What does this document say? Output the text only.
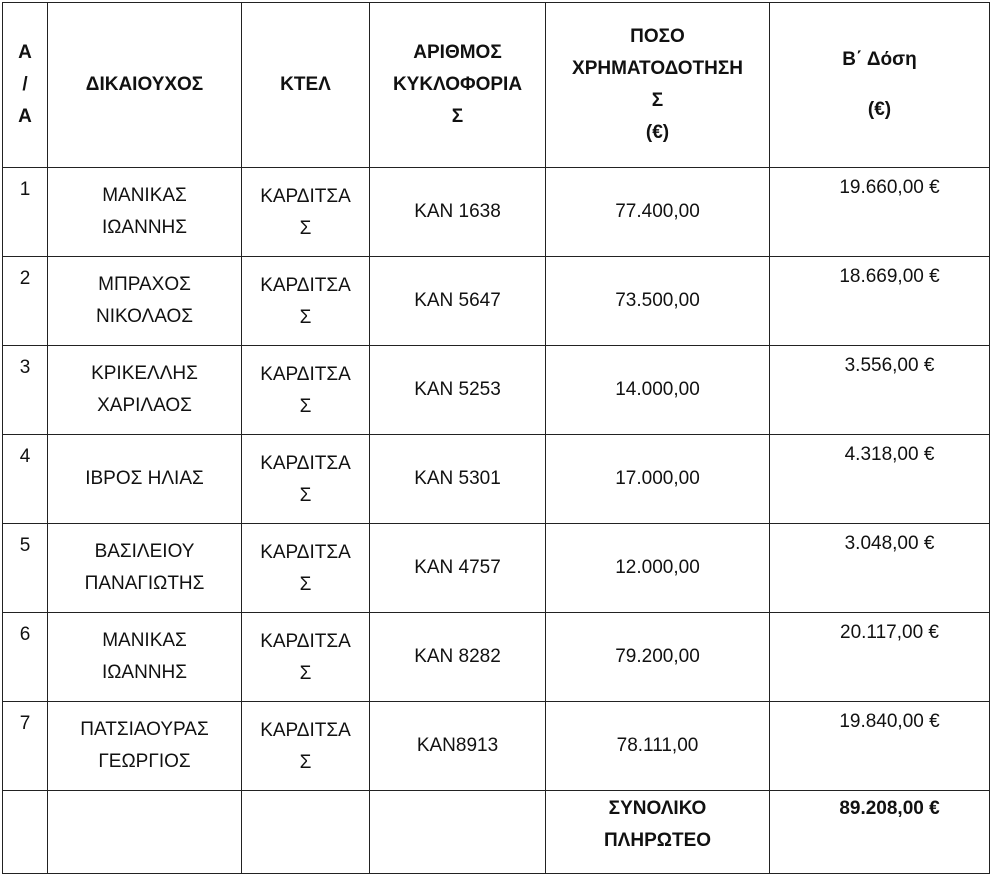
Α
/
Α	ΔΙΚΑΙΟΥΧΟΣ	ΚΤΕΛ	ΑΡΙΘΜΟΣ
ΚΥΚΛΟΦΟΡΙΑ
Σ	ΠΟΣΟ
ΧΡΗΜΑΤΟΔΟΤΗΣΗ
Σ
(€)	Β΄ Δόση
(€)

1	ΜΑΝΙΚΑΣ
ΙΩΑΝΝΗΣ	ΚΑΡΔΙΤΣΑ
Σ	ΚΑΝ 1638	77.400,00	19.660,00 €
2	ΜΠΡΑΧΟΣ
ΝΙΚΟΛΑΟΣ	ΚΑΡΔΙΤΣΑ
Σ	ΚΑΝ 5647	73.500,00	18.669,00 €
3	ΚΡΙΚΕΛΛΗΣ
ΧΑΡΙΛΑΟΣ	ΚΑΡΔΙΤΣΑ
Σ	ΚΑΝ 5253	14.000,00	3.556,00 €
4	ΙΒΡΟΣ ΗΛΙΑΣ	ΚΑΡΔΙΤΣΑ
Σ	ΚΑΝ 5301	17.000,00	4.318,00 €
5	ΒΑΣΙΛΕΙΟΥ
ΠΑΝΑΓΙΩΤΗΣ	ΚΑΡΔΙΤΣΑ
Σ	ΚΑΝ 4757	12.000,00	3.048,00 €
6	ΜΑΝΙΚΑΣ
ΙΩΑΝΝΗΣ	ΚΑΡΔΙΤΣΑ
Σ	ΚΑΝ 8282	79.200,00	20.117,00 €
7	ΠΑΤΣΙΑΟΥΡΑΣ
ΓΕΩΡΓΙΟΣ	ΚΑΡΔΙΤΣΑ
Σ	ΚΑΝ8913	78.111,00	19.840,00 €

				ΣΥΝΟΛΙΚΟ
ΠΛΗΡΩΤΕΟ	89.208,00 €
